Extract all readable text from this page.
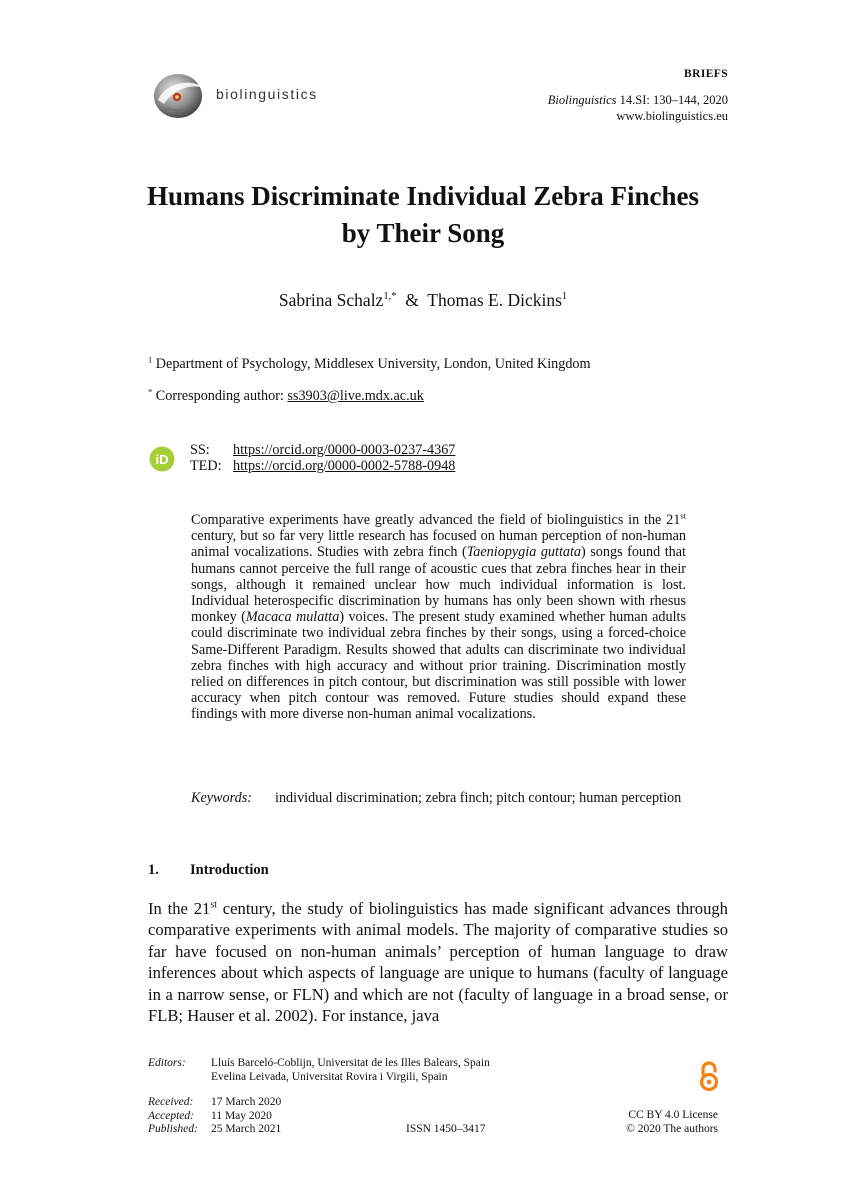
biolinguistics
BRIEFS
Biolinguistics 14.SI: 130–144, 2020
www.biolinguistics.eu
Humans Discriminate Individual Zebra Finches
by Their Song
Sabrina Schalz$^{1,*}$ & Thomas E. Dickins$^1$
$^1$ Department of Psychology, Middlesex University, London, United Kingdom
* Corresponding author: ss3903@live.mdx.ac.uk
iD
SS:	https://orcid.org/0000-0003-0237-4367
TED: https://orcid.org/0000-0002-5788-0948
Comparative experiments have greatly advanced the field of biolinguistics in the 21st century, but so far very little research has focused on human perception of non-human animal vocalizations. Studies with zebra finch (Taeniopygia guttata) songs found that humans cannot perceive the full range of acoustic cues that zebra finches hear in their songs, although it remained unclear how much individual information is lost. Individual heterospecific discrimination by humans has only been shown with rhesus monkey (Macaca mulatta) voices. The present study examined whether human adults could discriminate two individual zebra finches by their songs, using a forced-choice Same-Different Paradigm. Results showed that adults can discriminate two individual zebra finches with high accuracy and without prior training. Discrimination mostly relied on differences in pitch contour, but discrimination was still possible with lower accuracy when pitch contour was removed. Future studies should expand these findings with more diverse non-human animal vocalizations.
Keywords:	individual discrimination; zebra finch; pitch contour; human perception
1. Introduction
In the 21st century, the study of biolinguistics has made significant advances through comparative experiments with animal models. The majority of comparative studies so far have focused on non-human animals’ perception of human language to draw inferences about which aspects of language are unique to humans (faculty of language in a narrow sense, or FLN) and which are not (faculty of language in a broad sense, or FLB; Hauser et al. 2002). For instance, java
Editors:	Lluís Barceló-Coblijn, Universitat de les Illes Balears, Spain
Evelina Leivada, Universitat Rovira i Virgili, Spain
Received:	17 March 2020
Accepted:	11 May 2020
Published:	25 March 2021	ISSN 1450–3417
CC BY 4.0 License
© 2020 The authors
